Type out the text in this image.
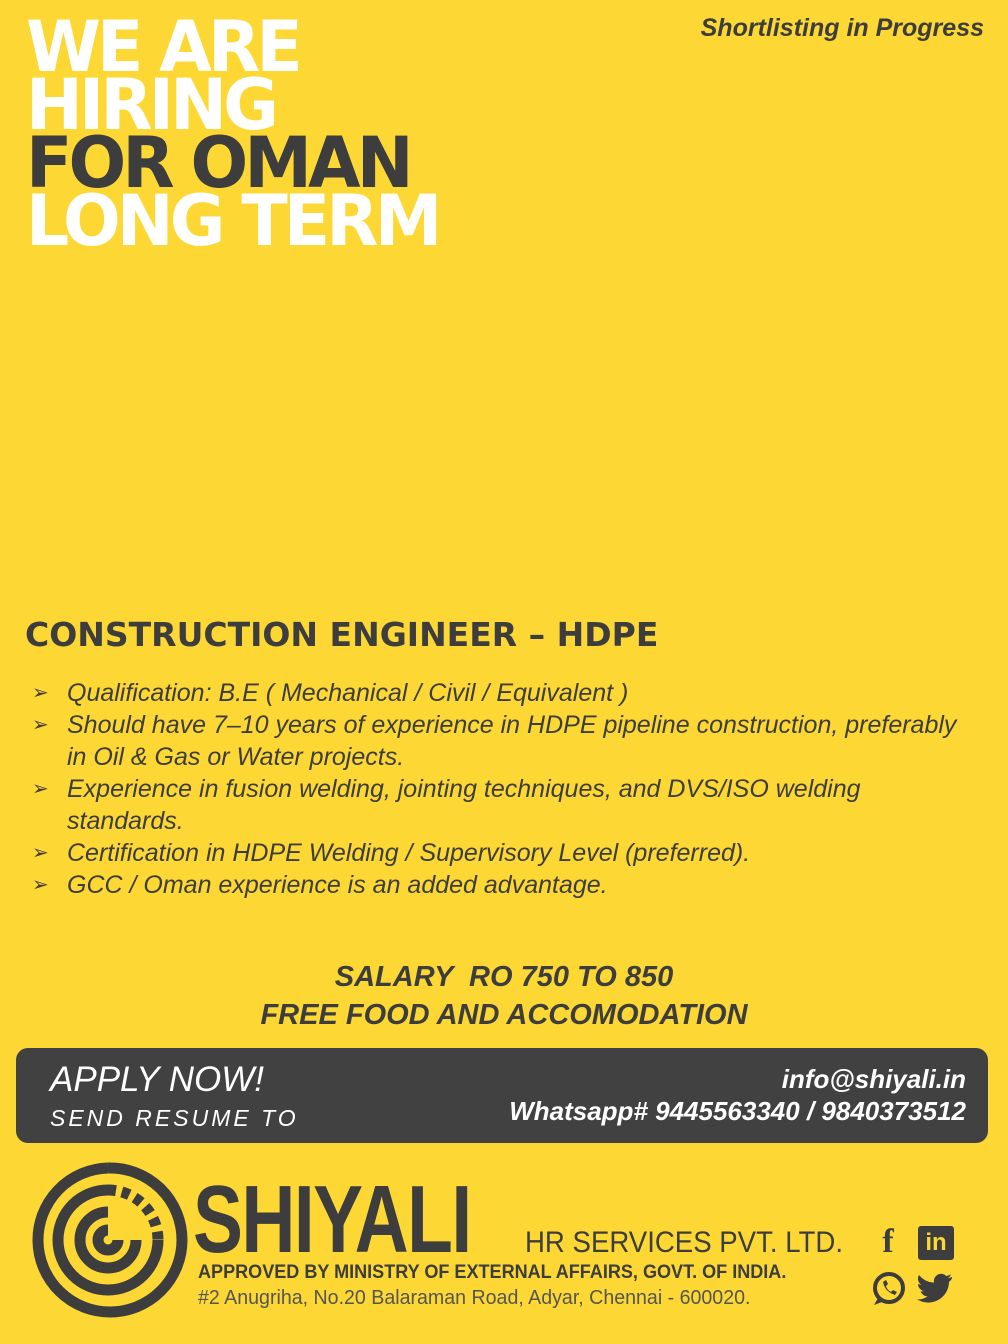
WE ARE
HIRING
FOR OMAN
LONG TERM
Shortlisting in Progress
CONSTRUCTION ENGINEER – HDPE
➢ Qualification: B.E ( Mechanical / Civil / Equivalent )
➢ Should have 7–10 years of experience in HDPE pipeline construction, preferably in Oil & Gas or Water projects.
➢ Experience in fusion welding, jointing techniques, and DVS/ISO welding standards.
➢ Certification in HDPE Welding / Supervisory Level (preferred).
➢ GCC / Oman experience is an added advantage.
SALARY  RO 750 TO 850
FREE FOOD AND ACCOMODATION
APPLY NOW!
SEND RESUME TO
info@shiyali.in
Whatsapp# 9445563340 / 9840373512
SHIYALI HR SERVICES PVT. LTD.
APPROVED BY MINISTRY OF EXTERNAL AFFAIRS, GOVT. OF INDIA.
#2 Anugriha, No.20 Balaraman Road, Adyar, Chennai - 600020.
f	in
